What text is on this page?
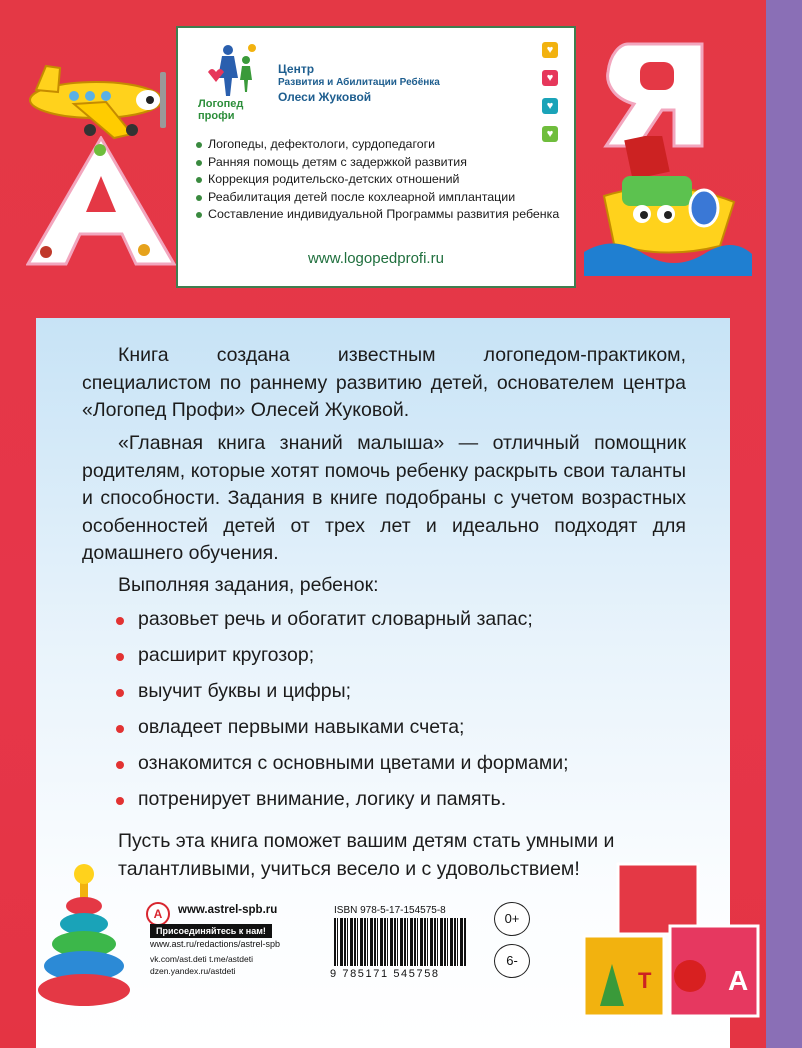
Логопед
профи
Центр
Развития и Абилитации Ребёнка
Олеси Жуковой
♥
♥
♥
♥
Логопеды, дефектологи, сурдопедагоги
Ранняя помощь детям с задержкой развития
Коррекция родительско-детских отношений
Реабилитация детей после кохлеарной имплантации
Составление индивидуальной Программы развития ребенка
www.logopedprofi.ru

Книга создана известным логопедом-практиком, специалистом по раннему развитию детей, основателем центра «Логопед Профи» Олесей Жуковой.

«Главная книга знаний малыша» — отличный помощник родителям, которые хотят помочь ребенку раскрыть свои таланты и способности. Задания в книге подобраны с учетом возрастных особенностей детей от трех лет и идеально подходят для домашнего обучения.

Выполняя задания, ребенок:

разовьет речь и обогатит словарный запас;
расширит кругозор;
выучит буквы и цифры;
овладеет первыми навыками счета;
ознакомится с основными цветами и формами;
потренирует внимание, логику и память.

Пусть эта книга поможет вашим детям стать умными и талантливыми, учиться весело и с удовольствием!

А	www.astrel-spb.ru
Присоединяйтесь к нам!
www.ast.ru/redactions/astrel-spb
vk.com/ast.deti t.me/astdeti
dzen.yandex.ru/astdeti
ISBN 978-5-17-154575-8
9 785171 545758
0+
6-
А
Т
